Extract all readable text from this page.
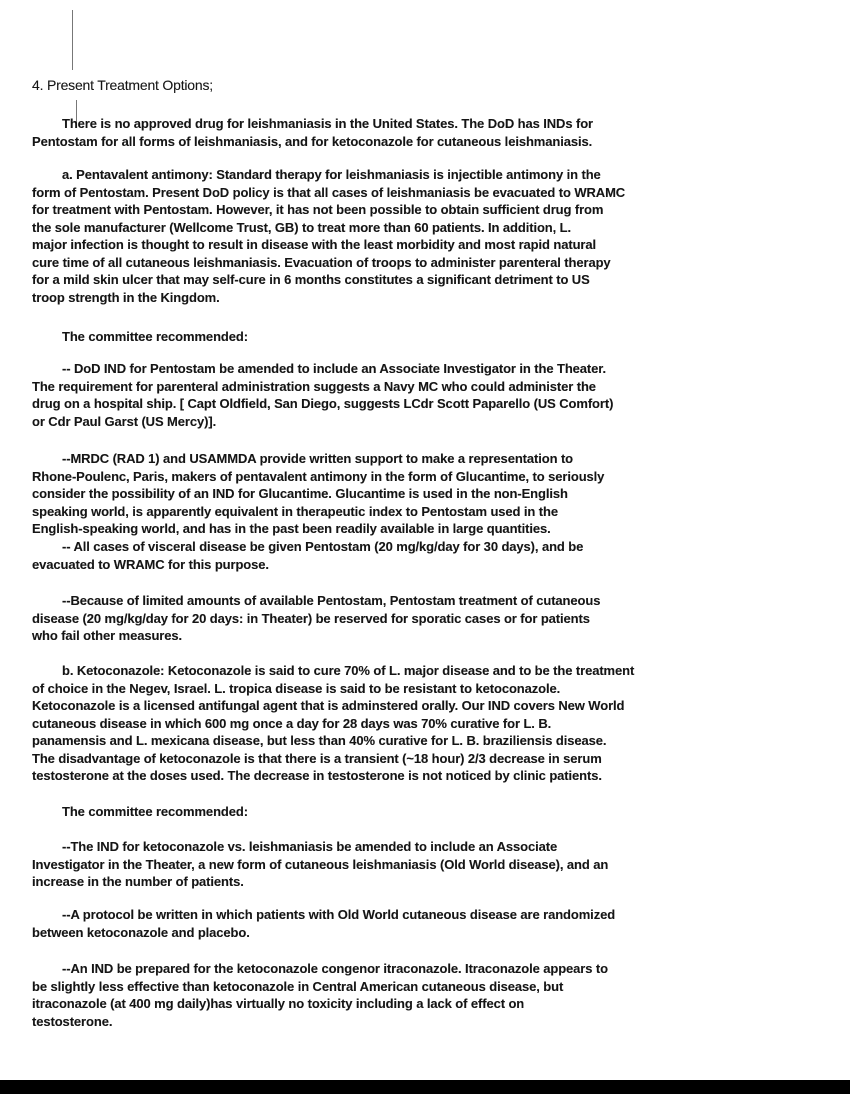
4. Present Treatment Options;
There is no approved drug for leishmaniasis in the United States. The DoD has INDs for
Pentostam for all forms of leishmaniasis, and for ketoconazole for cutaneous leishmaniasis.
a. Pentavalent antimony: Standard therapy for leishmaniasis is injectible antimony in the
form of Pentostam. Present DoD policy is that all cases of leishmaniasis be evacuated to WRAMC
for treatment with Pentostam. However, it has not been possible to obtain sufficient drug from
the sole manufacturer (Wellcome Trust, GB) to treat more than 60 patients. In addition, L.
major infection is thought to result in disease with the least morbidity and most rapid natural
cure time of all cutaneous leishmaniasis. Evacuation of troops to administer parenteral therapy
for a mild skin ulcer that may self-cure in 6 months constitutes a significant detriment to US
troop strength in the Kingdom.
The committee recommended:
-- DoD IND for Pentostam be amended to include an Associate Investigator in the Theater.
The requirement for parenteral administration suggests a Navy MC who could administer the
drug on a hospital ship. [ Capt Oldfield, San Diego, suggests LCdr Scott Paparello (US Comfort)
or Cdr Paul Garst (US Mercy)].
--MRDC (RAD 1) and USAMMDA provide written support to make a representation to
Rhone-Poulenc, Paris, makers of pentavalent antimony in the form of Glucantime, to seriously
consider the possibility of an IND for Glucantime. Glucantime is used in the non-English
speaking world, is apparently equivalent in therapeutic index to Pentostam used in the
English-speaking world, and has in the past been readily available in large quantities.
-- All cases of visceral disease be given Pentostam (20 mg/kg/day for 30 days), and be
evacuated to WRAMC for this purpose.
--Because of limited amounts of available Pentostam, Pentostam treatment of cutaneous
disease (20 mg/kg/day for 20 days: in Theater) be reserved for sporatic cases or for patients
who fail other measures.
b. Ketoconazole: Ketoconazole is said to cure 70% of L. major disease and to be the treatment
of choice in the Negev, Israel. L. tropica disease is said to be resistant to ketoconazole.
Ketoconazole is a licensed antifungal agent that is adminstered orally. Our IND covers New World
cutaneous disease in which 600 mg once a day for 28 days was 70% curative for L. B.
panamensis and L. mexicana disease, but less than 40% curative for L. B. braziliensis disease.
The disadvantage of ketoconazole is that there is a transient (~18 hour) 2/3 decrease in serum
testosterone at the doses used. The decrease in testosterone is not noticed by clinic patients.
The committee recommended:
--The IND for ketoconazole vs. leishmaniasis be amended to include an Associate
Investigator in the Theater, a new form of cutaneous leishmaniasis (Old World disease), and an
increase in the number of patients.
--A protocol be written in which patients with Old World cutaneous disease are randomized
between ketoconazole and placebo.
--An IND be prepared for the ketoconazole congenor itraconazole. Itraconazole appears to
be slightly less effective than ketoconazole in Central American cutaneous disease, but
itraconazole (at 400 mg daily)has virtually no toxicity including a lack of effect on
testosterone.
